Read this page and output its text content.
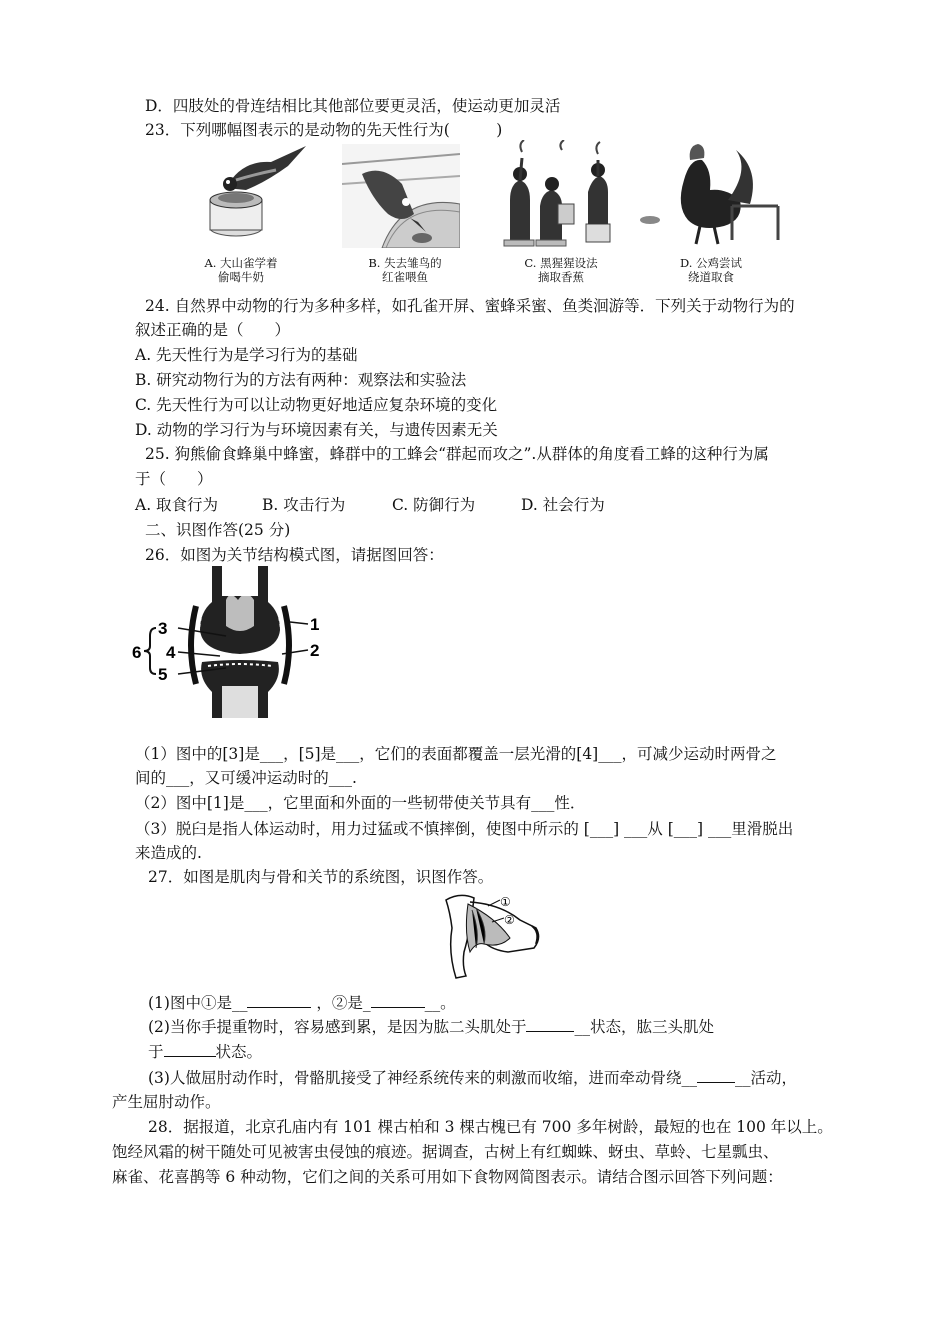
D．四肢处的骨连结相比其他部位要更灵活，使运动更加灵活
23．下列哪幅图表示的是动物的先天性行为(　　　)
A. 大山雀学着
偷喝牛奶
B. 失去雏鸟的
红雀喂鱼
C. 黑猩猩设法
摘取香蕉
D. 公鸡尝试
绕道取食
24. 自然界中动物的行为多种多样，如孔雀开屏、蜜蜂采蜜、鱼类洄游等．下列关于动物行为的
叙述正确的是（　　）
A. 先天性行为是学习行为的基础
B. 研究动物行为的方法有两种：观察法和实验法
C. 先天性行为可以让动物更好地适应复杂环境的变化
D. 动物的学习行为与环境因素有关，与遗传因素无关
25. 狗熊偷食蜂巢中蜂蜜，蜂群中的工蜂会“群起而攻之”.从群体的角度看工蜂的这种行为属
于（　　）
A. 取食行为	B. 攻击行为	C. 防御行为	D. 社会行为
二、识图作答(25 分)
26．如图为关节结构模式图，请据图回答：
3	1
6 4	2
5
（1）图中的[3]是___，[5]是___，它们的表面都覆盖一层光滑的[4]___，可减少运动时两骨之
间的___，又可缓冲运动时的___.
（2）图中[1]是___，它里面和外面的一些韧带使关节具有___性．
（3）脱臼是指人体运动时，用力过猛或不慎摔倒，使图中所示的 [___] ___从 [___] ___里滑脱出
来造成的.
27．如图是肌肉与骨和关节的系统图，识图作答。
①
②
(1)图中①是__	，②是_	__。
(2)当你手提重物时，容易感到累，是因为肱二头肌处于	__状态，肱三头肌处
于	状态。
(3)人做屈肘动作时，骨骼肌接受了神经系统传来的刺激而收缩，进而牵动骨绕__ __活动，
产生屈肘动作。
28．据报道，北京孔庙内有 101 棵古柏和 3 棵古槐已有 700 多年树龄，最短的也在 100 年以上。
饱经风霜的树干随处可见被害虫侵蚀的痕迹。据调查，古树上有红蜘蛛、蚜虫、草蛉、七星瓢虫、
麻雀、花喜鹊等 6 种动物，它们之间的关系可用如下食物网简图表示。请结合图示回答下列问题：
